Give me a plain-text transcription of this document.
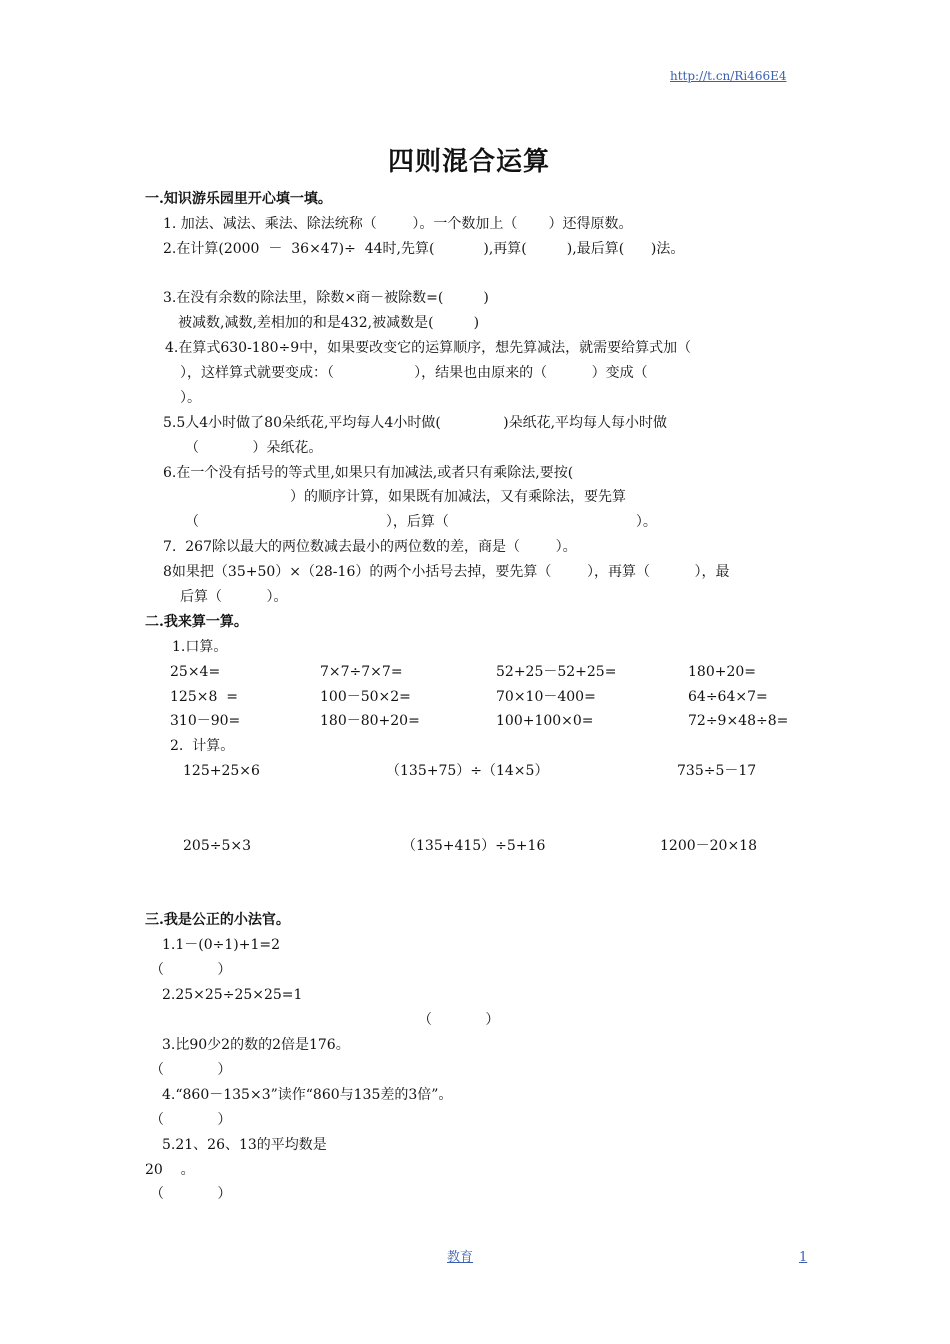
http://t.cn/Ri466E4
四则混合运算
一.知识游乐园里开心填一填。
1. 加法、减法、乘法、除法统称（        ）。一个数加上（       ）还得原数。
2.在计算(2000  －  36×47)÷  44时,先算(           ),再算(         ),最后算(      )法。
3.在没有余数的除法里，除数×商－被除数=(         )
被减数,减数,差相加的和是432,被减数是(         )
4.在算式630-180÷9中，如果要改变它的运算顺序，想先算减法，就需要给算式加（
），这样算式就要变成：（                  ），结果也由原来的（          ）变成（
）。
5.5人4小时做了80朵纸花,平均每人4小时做(              )朵纸花,平均每人每小时做
（            ）朵纸花。
6.在一个没有括号的等式里,如果只有加减法,或者只有乘除法,要按(
）的顺序计算，如果既有加减法，又有乘除法，要先算
（                                          ），后算（                                          ）。
7.  267除以最大的两位数减去最小的两位数的差，商是（        ）。
8如果把（35+50）×（28-16）的两个小括号去掉，要先算（        ），再算（          ），最
后算（          ）。
二.我来算一算。
1.口算。
25×4=	7×7÷7×7=	52+25－52+25=	180+20=
125×8  =	100－50×2=	70×10－400=	64÷64×7=
310－90=	180－80+20=	100+100×0=	72÷9×48÷8=
2.  计算。
125+25×6	（135+75）÷（14×5）	735÷5－17
205÷5×3	（135+415）÷5+16	1200－20×18
三.我是公正的小法官。
1.1－(0÷1)+1=2
（            ）
2.25×25÷25×25=1
（            ）
3.比90少2的数的2倍是176。
（            ）
4.“860－135×3”读作“860与135差的3倍”。
（            ）
5.21、26、13的平均数是
20    。
（            ）
教育	1
